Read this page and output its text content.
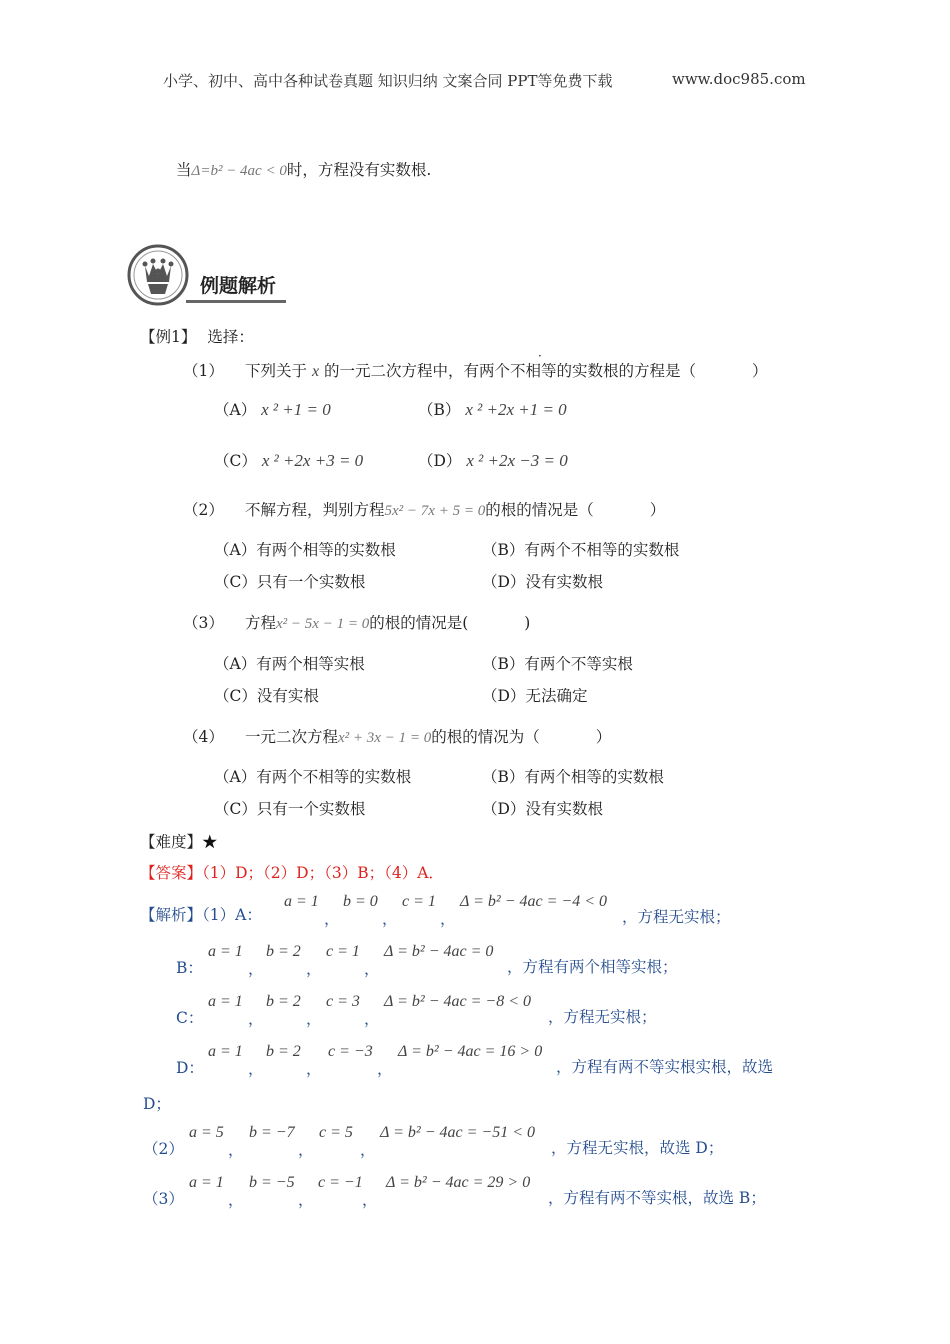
小学、初中、高中各种试卷真题 知识归纳 文案合同 PPT等免费下载	www.doc985.com
当Δ=b² − 4ac < 0时，方程没有实数根.
例题解析
【例1】 选择：
·
（1） 下列关于 x 的一元二次方程中，有两个不相等的实数根的方程是（	）
（A） x ² +1 = 0	（B） x ² +2x +1 = 0
（C） x ² +2x +3 = 0	（D） x ² +2x −3 = 0
（2） 不解方程，判别方程5x² − 7x + 5 = 0的根的情况是（	）
（A）有两个相等的实数根	（B）有两个不相等的实数根
（C）只有一个实数根	（D）没有实数根
（3） 方程x² − 5x − 1 = 0的根的情况是(	)
（A）有两个相等实根	（B）有两个不等实根
（C）没有实根	（D）无法确定
（4） 一元二次方程x² + 3x − 1 = 0的根的情况为（	）
（A）有两个不相等的实数根	（B）有两个相等的实数根
（C）只有一个实数根	（D）没有实数根
【难度】★
【答案】（1）D；（2）D；（3）B；（4）A．
【解析】（1）A：
a = 1
，
b = 0
，
c = 1
，
Δ = b² − 4ac = −4 < 0
，方程无实根；
B：
a = 1
，
b = 2
，
c = 1
，
Δ = b² − 4ac = 0
，方程有两个相等实根；
C：
a = 1
，
b = 2
，
c = 3
，
Δ = b² − 4ac = −8 < 0
，方程无实根；
D：
a = 1
，
b = 2
，
c = −3
，
Δ = b² − 4ac = 16 > 0
，方程有两不等实根实根，故选
D；
（2）
a = 5
，
b = −7
，
c = 5
，
Δ = b² − 4ac = −51 < 0
，方程无实根，故选 D；
（3）
a = 1
，
b = −5
，
c = −1
，
Δ = b² − 4ac = 29 > 0
，方程有两不等实根，故选 B；
